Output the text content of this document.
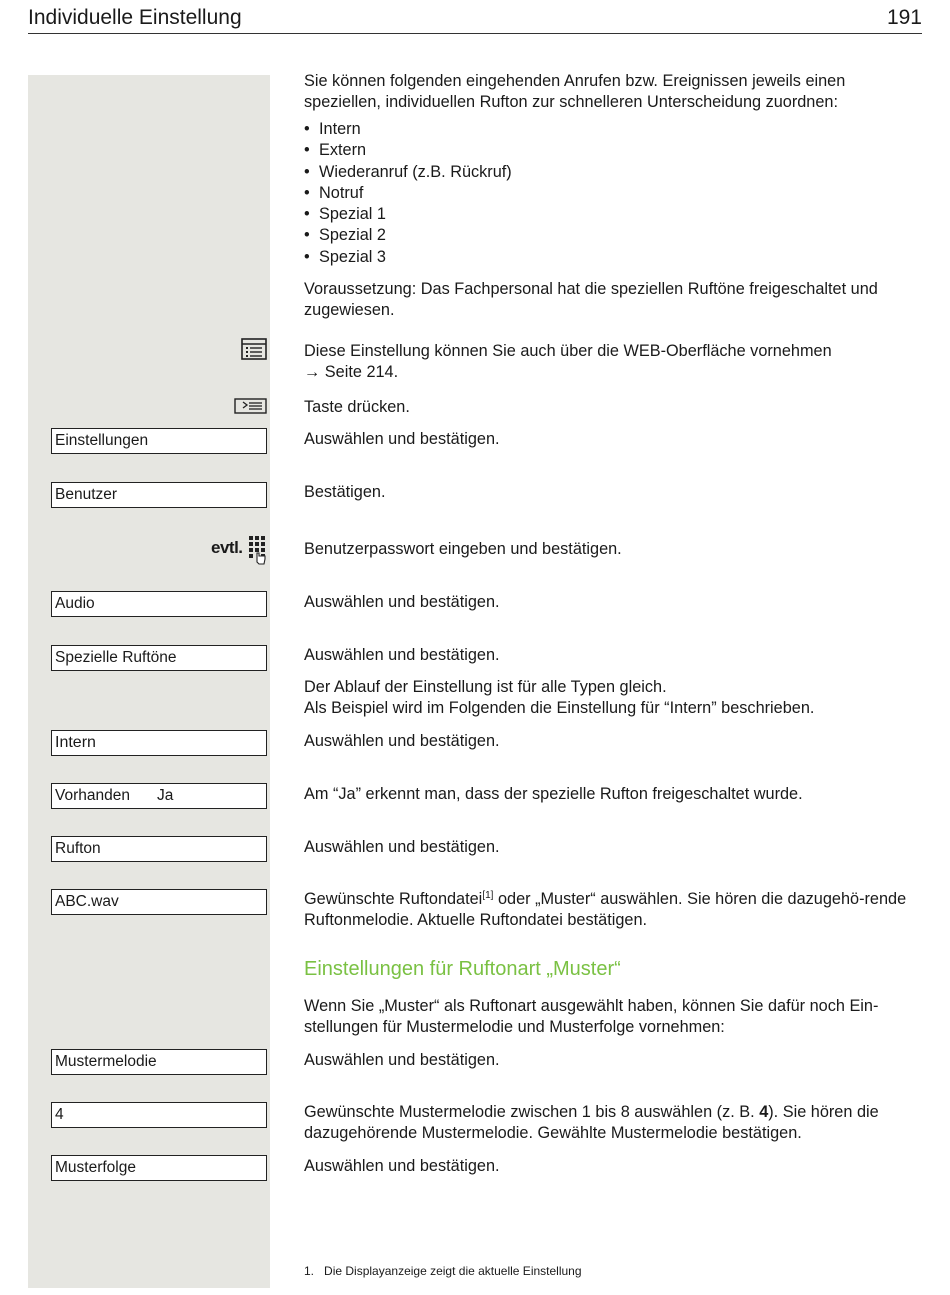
Individuelle Einstellung	191
evtl.
Einstellungen
Benutzer
Audio
Spezielle Ruftöne
Intern
Vorhanden Ja
Rufton
ABC.wav
Mustermelodie
4
Musterfolge

Sie können folgenden eingehenden Anrufen bzw. Ereignissen jeweils einen speziellen, individuellen Rufton zur schnelleren Unterscheidung zuordnen:

• Intern
• Extern
• Wiederanruf (z.B. Rückruf)
• Notruf
• Spezial 1
• Spezial 2
• Spezial 3

Voraussetzung: Das Fachpersonal hat die speziellen Ruftöne freigeschaltet und zugewiesen.

Diese Einstellung können Sie auch über die WEB-Oberfläche vornehmen

→ Seite 214.

Taste drücken.
Auswählen und bestätigen.
Bestätigen.
Benutzerpasswort eingeben und bestätigen.
Auswählen und bestätigen.
Auswählen und bestätigen.

Der Ablauf der Einstellung ist für alle Typen gleich.

Als Beispiel wird im Folgenden die Einstellung für “Intern” beschrieben.

Auswählen und bestätigen.
Am “Ja” erkennt man, dass der spezielle Rufton freigeschaltet wurde.
Auswählen und bestätigen.

Gewünschte Ruftondatei[1] oder „Muster“ auswählen. Sie hören die dazugehö-rende Ruftonmelodie. Aktuelle Ruftondatei bestätigen.

Einstellungen für Ruftonart „Muster“
Wenn Sie „Muster“ als Ruftonart ausgewählt haben, können Sie dafür noch Ein-stellungen für Mustermelodie und Musterfolge vornehmen:
Auswählen und bestätigen.

Gewünschte Mustermelodie zwischen 1 bis 8 auswählen (z. B. 4). Sie hören die dazugehörende Mustermelodie. Gewählte Mustermelodie bestätigen.

Auswählen und bestätigen.
1. Die Displayanzeige zeigt die aktuelle Einstellung
